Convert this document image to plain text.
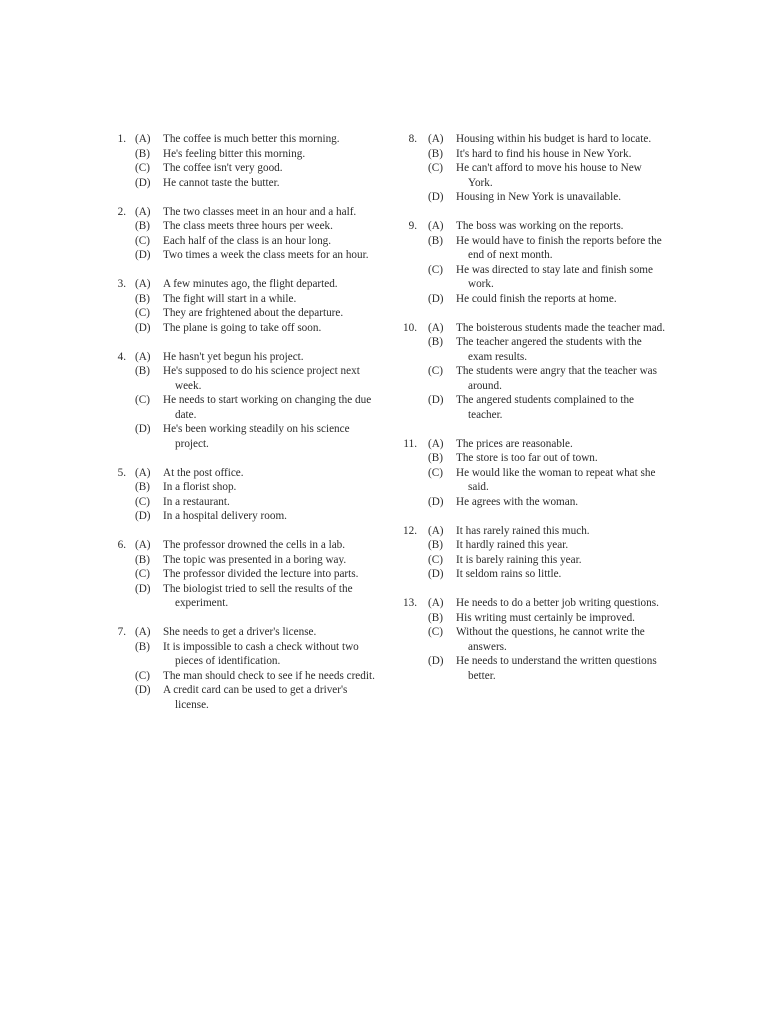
1. (A) The coffee is much better this morning.
(B) He's feeling bitter this morning.
(C) The coffee isn't very good.
(D) He cannot taste the butter.
2. (A) The two classes meet in an hour and a half.
(B) The class meets three hours per week.
(C) Each half of the class is an hour long.
(D) Two times a week the class meets for an hour.
3. (A) A few minutes ago, the flight departed.
(B) The fight will start in a while.
(C) They are frightened about the departure.
(D) The plane is going to take off soon.
4. (A) He hasn't yet begun his project.
(B) He's supposed to do his science project next week.
(C) He needs to start working on changing the due date.
(D) He's been working steadily on his science project.
5. (A) At the post office.
(B) In a florist shop.
(C) In a restaurant.
(D) In a hospital delivery room.
6. (A) The professor drowned the cells in a lab.
(B) The topic was presented in a boring way.
(C) The professor divided the lecture into parts.
(D) The biologist tried to sell the results of the experiment.
7. (A) She needs to get a driver's license.
(B) It is impossible to cash a check without two pieces of identification.
(C) The man should check to see if he needs credit.
(D) A credit card can be used to get a driver's license.
8. (A) Housing within his budget is hard to locate.
(B) It's hard to find his house in New York.
(C) He can't afford to move his house to New York.
(D) Housing in New York is unavailable.
9. (A) The boss was working on the reports.
(B) He would have to finish the reports before the end of next month.
(C) He was directed to stay late and finish some work.
(D) He could finish the reports at home.
10. (A) The boisterous students made the teacher mad.
(B) The teacher angered the students with the exam results.
(C) The students were angry that the teacher was around.
(D) The angered students complained to the teacher.
11. (A) The prices are reasonable.
(B) The store is too far out of town.
(C) He would like the woman to repeat what she said.
(D) He agrees with the woman.
12. (A) It has rarely rained this much.
(B) It hardly rained this year.
(C) It is barely raining this year.
(D) It seldom rains so little.
13. (A) He needs to do a better job writing questions.
(B) His writing must certainly be improved.
(C) Without the questions, he cannot write the answers.
(D) He needs to understand the written questions better.
